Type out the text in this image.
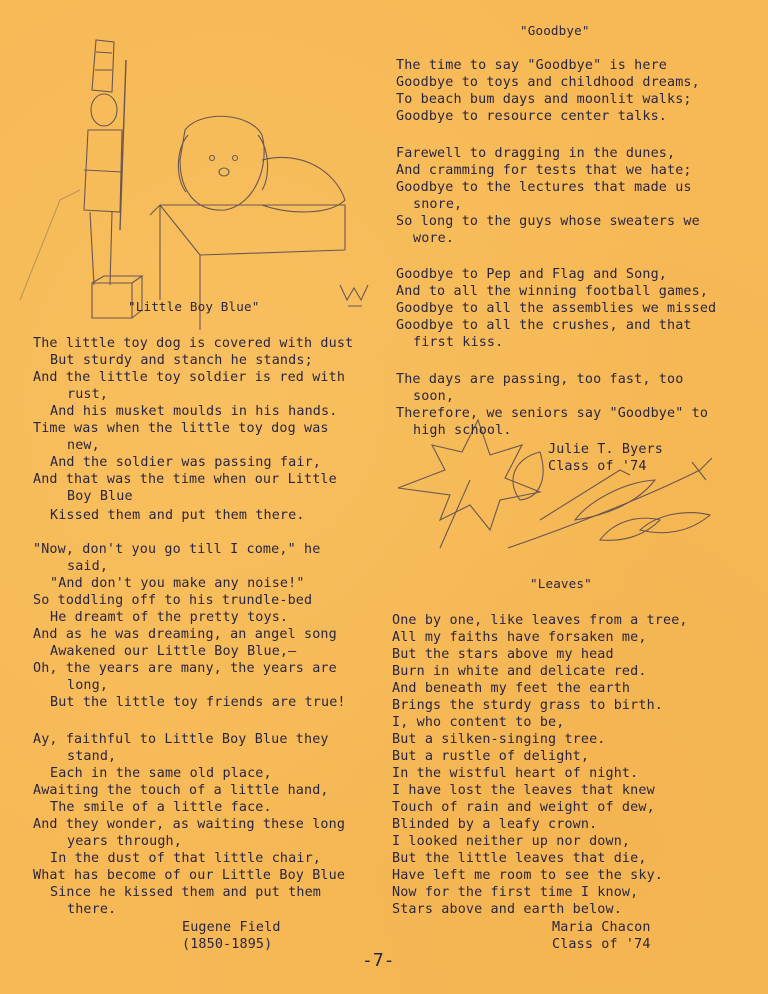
"Little Boy Blue"
The little toy dog is covered with dust
But sturdy and stanch he stands;
And the little toy soldier is red with
rust,
And his musket moulds in his hands.
Time was when the little toy dog was
new,
And the soldier was passing fair,
And that was the time when our Little
Boy Blue
Kissed them and put them there.
"Now, don't you go till I come," he
said,
"And don't you make any noise!"
So toddling off to his trundle-bed
He dreamt of the pretty toys.
And as he was dreaming, an angel song
Awakened our Little Boy Blue,—
Oh, the years are many, the years are
long,
But the little toy friends are true!
Ay, faithful to Little Boy Blue they
stand,
Each in the same old place,
Awaiting the touch of a little hand,
The smile of a little face.
And they wonder, as waiting these long
years through,
In the dust of that little chair,
What has become of our Little Boy Blue
Since he kissed them and put them
there.
Eugene Field
(1850-1895)
"Goodbye"
The time to say "Goodbye" is here
Goodbye to toys and childhood dreams,
To beach bum days and moonlit walks;
Goodbye to resource center talks.
Farewell to dragging in the dunes,
And cramming for tests that we hate;
Goodbye to the lectures that made us
snore,
So long to the guys whose sweaters we
wore.
Goodbye to Pep and Flag and Song,
And to all the winning football games,
Goodbye to all the assemblies we missed
Goodbye to all the crushes, and that
first kiss.
The days are passing, too fast, too
soon,
Therefore, we seniors say "Goodbye" to
high school.
Julie T. Byers
Class of '74
"Leaves"
One by one, like leaves from a tree,
All my faiths have forsaken me,
But the stars above my head
Burn in white and delicate red.
And beneath my feet the earth
Brings the sturdy grass to birth.
I, who content to be,
But a silken-singing tree.
But a rustle of delight,
In the wistful heart of night.
I have lost the leaves that knew
Touch of rain and weight of dew,
Blinded by a leafy crown.
I looked neither up nor down,
But the little leaves that die,
Have left me room to see the sky.
Now for the first time I know,
Stars above and earth below.
Maria Chacon
Class of '74
-7-
